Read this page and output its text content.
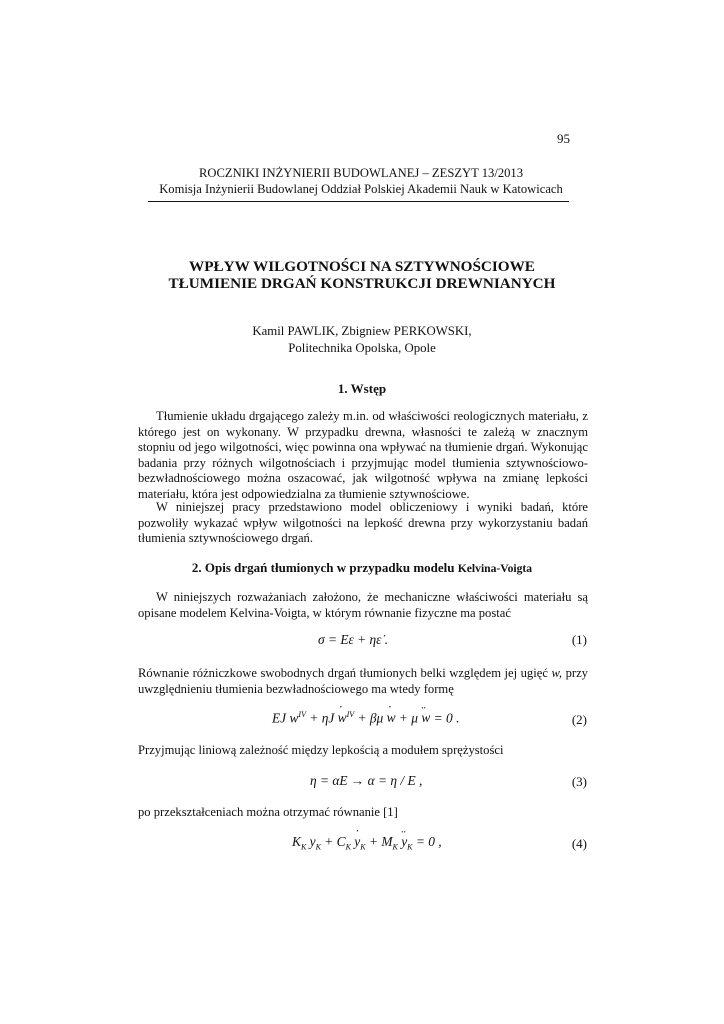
95
ROCZNIKI INŻYNIERII BUDOWLANEJ – ZESZYT 13/2013
Komisja Inżynierii Budowlanej Oddział Polskiej Akademii Nauk w Katowicach
WPŁYW WILGOTNOŚCI NA SZTYWNOŚCIOWE
TŁUMIENIE DRGAŃ KONSTRUKCJI DREWNIANYCH
Kamil PAWLIK, Zbigniew PERKOWSKI,
Politechnika Opolska, Opole
1. Wstęp
Tłumienie układu drgającego zależy m.in. od właściwości reologicznych materiału, z którego jest on wykonany. W przypadku drewna, własności te zależą w znacznym stopniu od jego wilgotności, więc powinna ona wpływać na tłumienie drgań. Wykonując badania przy różnych wilgotnościach i przyjmując model tłumienia sztywnościowo-bezwładnościowego można oszacować, jak wilgotność wpływa na zmianę lepkości materiału, która jest odpowiedzialna za tłumienie sztywnościowe.
W niniejszej pracy przedstawiono model obliczeniowy i wyniki badań, które pozwoliły wykazać wpływ wilgotności na lepkość drewna przy wykorzystaniu badań tłumienia sztywnościowego drgań.
2. Opis drgań tłumionych w przypadku modelu Kelvina-Voigta
W niniejszych rozważaniach założono, że mechaniczne właściwości materiału są opisane modelem Kelvina-Voigta, w którym równanie fizyczne ma postać
σ = Eε + ηε̇ .	(1)
Równanie różniczkowe swobodnych drgań tłumionych belki względem jej ugięć w, przy uwzględnieniu tłumienia bezwładnościowego ma wtedy formę
EJ $w^{IV} + \eta J$ ˙ $w^{IV} + \beta\mu$ ˙ w + μ ¨ w = 0 .	(2)
Przyjmując liniową zależność między lepkością a modułem sprężystości
η = αE → α = η / E ,	(3)
po przekształceniach można otrzymać równanie [1]
$K_K$ $y_K + C_K$ ˙ $y_K + M_K$ ¨ $y_K = 0$ ,	(4)
